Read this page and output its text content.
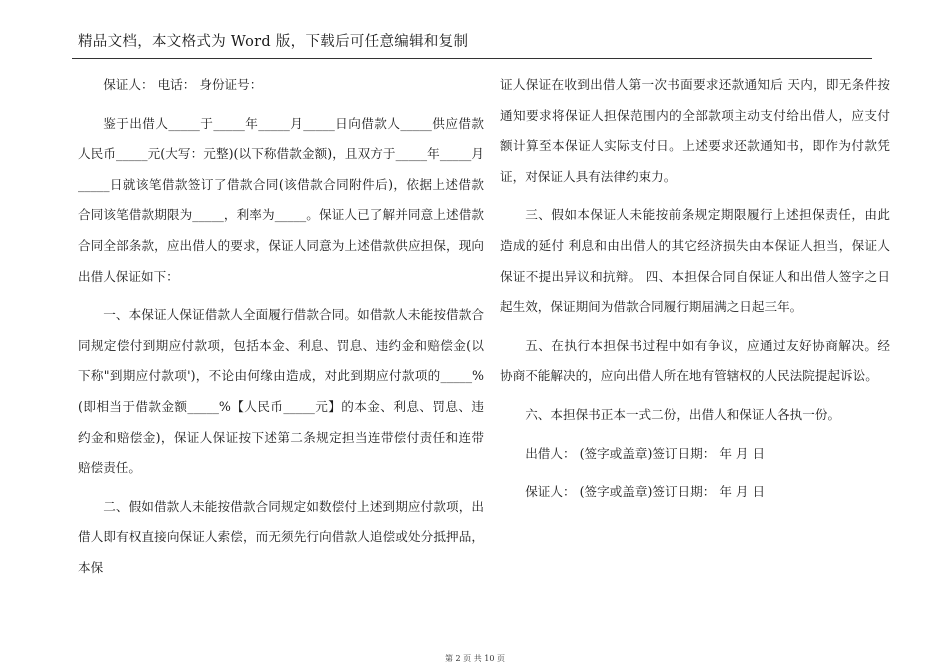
精品文档，本文格式为 Word 版，下载后可任意编辑和复制

保证人： 电话： 身份证号：

鉴于出借人_____于_____年_____月_____日向借款人_____供应借款人民币_____元(大写：元整)(以下称借款金额)，且双方于_____年_____月_____日就该笔借款签订了借款合同(该借款合同附件后)，依据上述借款合同该笔借款期限为_____，利率为_____。保证人已了解并同意上述借款合同全部条款，应出借人的要求，保证人同意为上述借款供应担保，现向出借人保证如下：

一、本保证人保证借款人全面履行借款合同。如借款人未能按借款合同规定偿付到期应付款项，包括本金、利息、罚息、违约金和赔偿金(以下称"到期应付款项')，不论由何缘由造成，对此到期应付款项的_____%(即相当于借款金额_____%【人民币_____元】的本金、利息、罚息、违约金和赔偿金)，保证人保证按下述第二条规定担当连带偿付责任和连带赔偿责任。

二、假如借款人未能按借款合同规定如数偿付上述到期应付款项，出借人即有权直接向保证人索偿，而无须先行向借款人追偿或处分抵押品，本保

证人保证在收到出借人第一次书面要求还款通知后 天内，即无条件按通知要求将保证人担保范围内的全部款项主动支付给出借人，应支付额计算至本保证人实际支付日。上述要求还款通知书，即作为付款凭证，对保证人具有法律约束力。

三、假如本保证人未能按前条规定期限履行上述担保责任，由此造成的延付 利息和由出借人的其它经济损失由本保证人担当，保证人保证不提出异议和抗辩。 四、本担保合同自保证人和出借人签字之日起生效，保证期间为借款合同履行期届满之日起三年。

五、在执行本担保书过程中如有争议，应通过友好协商解决。经协商不能解决的，应向出借人所在地有管辖权的人民法院提起诉讼。

六、本担保书正本一式二份，出借人和保证人各执一份。

出借人： (签字或盖章)签订日期： 年 月 日

保证人： (签字或盖章)签订日期： 年 月 日

第 2 页 共 10 页
